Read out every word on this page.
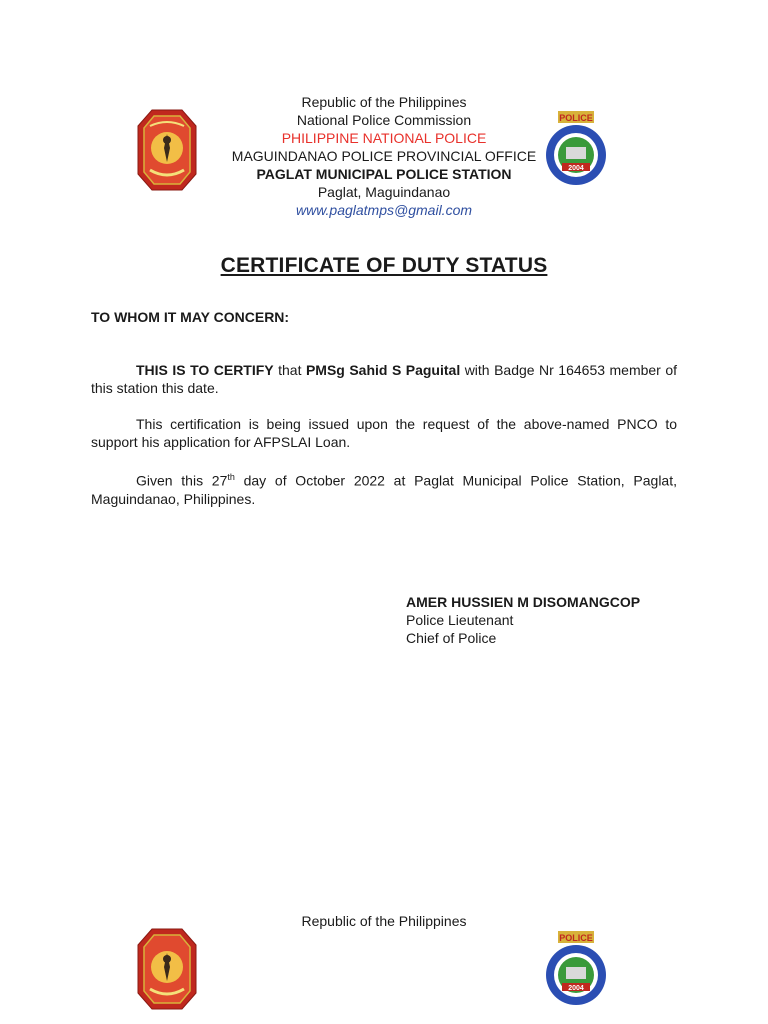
POLICE
2004
Republic of the Philippines
National Police Commission
PHILIPPINE NATIONAL POLICE
MAGUINDANAO POLICE PROVINCIAL OFFICE
PAGLAT MUNICIPAL POLICE STATION
Paglat, Maguindanao
www.paglatmps@gmail.com
CERTIFICATE OF DUTY STATUS
TO WHOM IT MAY CONCERN:
THIS IS TO CERTIFY that PMSg Sahid S Paguital with Badge Nr 164653 member of this station this date.
This certification is being issued upon the request of the above-named PNCO to support his application for AFPSLAI Loan.
Given this 27th day of October 2022 at Paglat Municipal Police Station, Paglat, Maguindanao, Philippines.
AMER HUSSIEN M DISOMANGCOP
Police Lieutenant
Chief of Police
Republic of the Philippines
POLICE
2004
